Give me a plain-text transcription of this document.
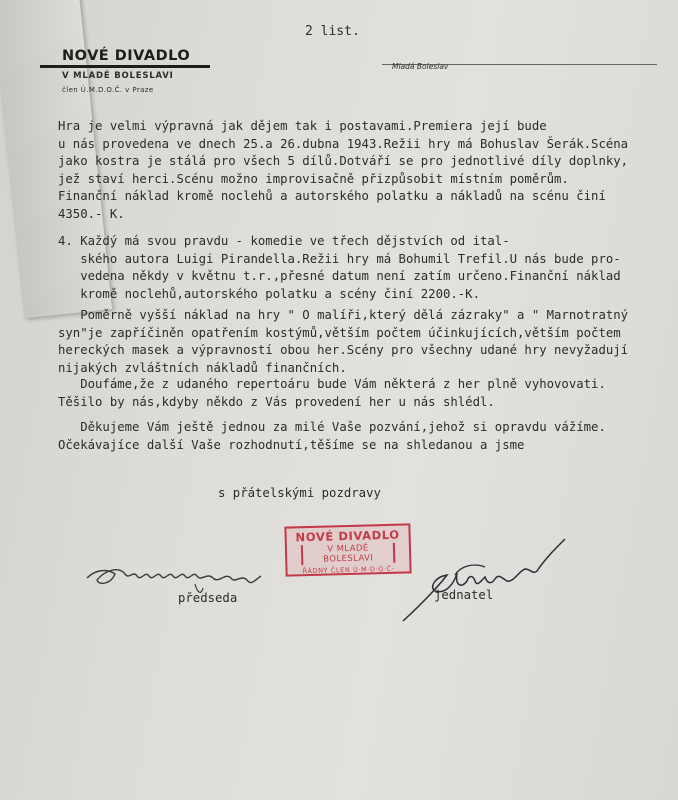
2 list.
NOVÉ DIVADLO
V MLADÉ BOLESLAVI
člen Ú.M.D.O.Č. v Praze
Mladá Boleslav
Hra je velmi výpravná jak dějem tak i postavami.Premiera její bude
u nás provedena ve dnech 25.a 26.dubna 1943.Režii hry má Bohuslav Šerák.Scéna
jako kostra je stálá pro všech 5 dílů.Dotváří se pro jednotlivé díly doplnky,
jež staví herci.Scénu možno improvisačně přizpůsobit místním poměrům.
Finanční náklad kromě noclehů a autorského polatku a nákladů na scénu činí
4350.- K.
4. Každý má svou pravdu - komedie ve třech dějstvích od ital-
ského autora Luigi Pirandella.Režii hry má Bohumil Trefil.U nás bude pro-
vedena někdy v květnu t.r.,přesné datum není zatím určeno.Finanční náklad
kromě noclehů,autorského polatku a scény činí 2200.-K.
Poměrně vyšší náklad na hry " O malíři,který dělá zázraky" a " Marnotratný
syn"je zapříčiněn opatřením kostýmů,větším počtem účinkujících,větším počtem
hereckých masek a výpravností obou her.Scény pro všechny udané hry nevyžadují
nijakých zvláštních nákladů finančních.
Doufáme,že z udaného repertoáru bude Vám některá z her plně vyhovovati.
Těšilo by nás,kdyby někdo z Vás provedení her u nás shlédl.
Děkujeme Vám ještě jednou za milé Vaše pozvání,jehož si opravdu vážíme.
Očekávajíce další Vaše rozhodnutí,těšíme se na shledanou a jsme
s přátelskými pozdravy
NOVÉ DIVADLO
V MLADÉ BOLESLAVI
ŘÁDNÝ ČLEN Ú·M·D·O·Č·
předseda	jednatel
